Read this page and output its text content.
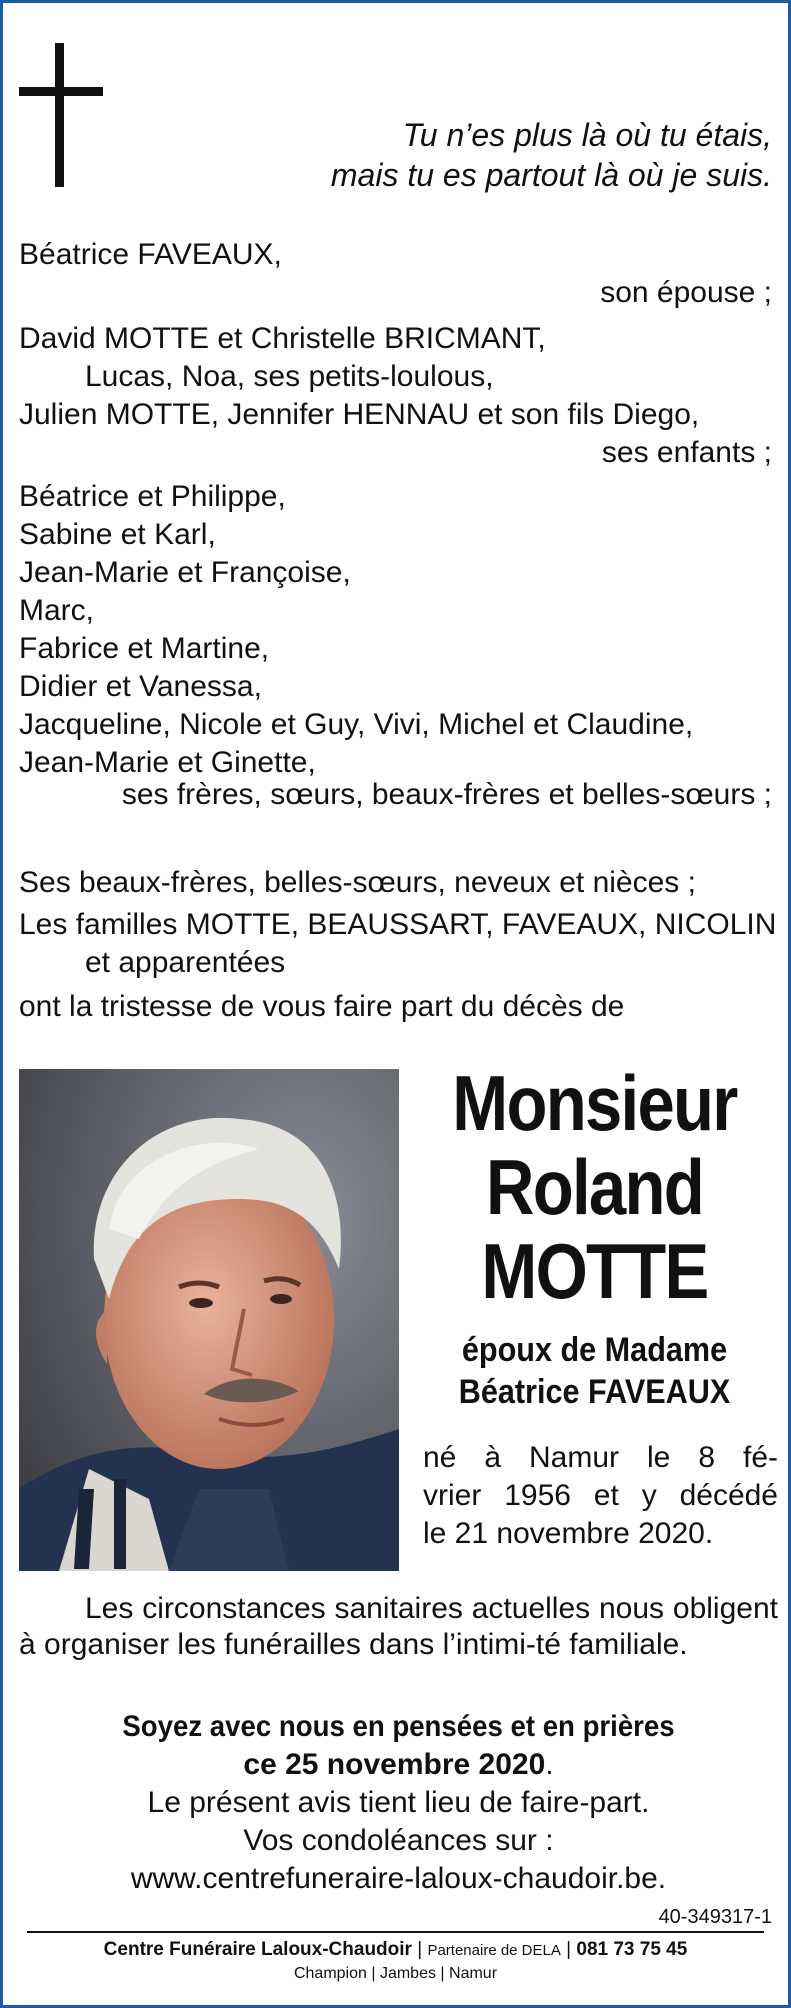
Tu n’es plus là où tu étais,
mais tu es partout là où je suis.
Béatrice FAVEAUX,
son épouse ;
David MOTTE et Christelle BRICMANT,
Lucas, Noa, ses petits-loulous,
Julien MOTTE, Jennifer HENNAU et son fils Diego,
ses enfants ;
Béatrice et Philippe,
Sabine et Karl,
Jean-Marie et Françoise,
Marc,
Fabrice et Martine,
Didier et Vanessa,
Jacqueline, Nicole et Guy, Vivi, Michel et Claudine,
Jean-Marie et Ginette,
ses frères, sœurs, beaux-frères et belles-sœurs ;
Ses beaux-frères, belles-sœurs, neveux et nièces ;
Les familles MOTTE, BEAUSSART, FAVEAUX, NICOLIN
et apparentées
ont la tristesse de vous faire part du décès de
Monsieur
Roland
MOTTE
époux de Madame
Béatrice FAVEAUX
né à Namur le 8 fé-
vrier 1956 et y décédé
le 21 novembre 2020.
Les circonstances sanitaires actuelles nous obligent à organiser les funérailles dans l’intimi-té familiale.
Soyez avec nous en pensées et en prières
ce 25 novembre 2020.
Le présent avis tient lieu de faire-part.
Vos condoléances sur :
www.centrefuneraire-laloux-chaudoir.be.
40-349317-1
Centre Funéraire Laloux-Chaudoir | Partenaire de DELA | 081 73 75 45
Champion | Jambes | Namur
